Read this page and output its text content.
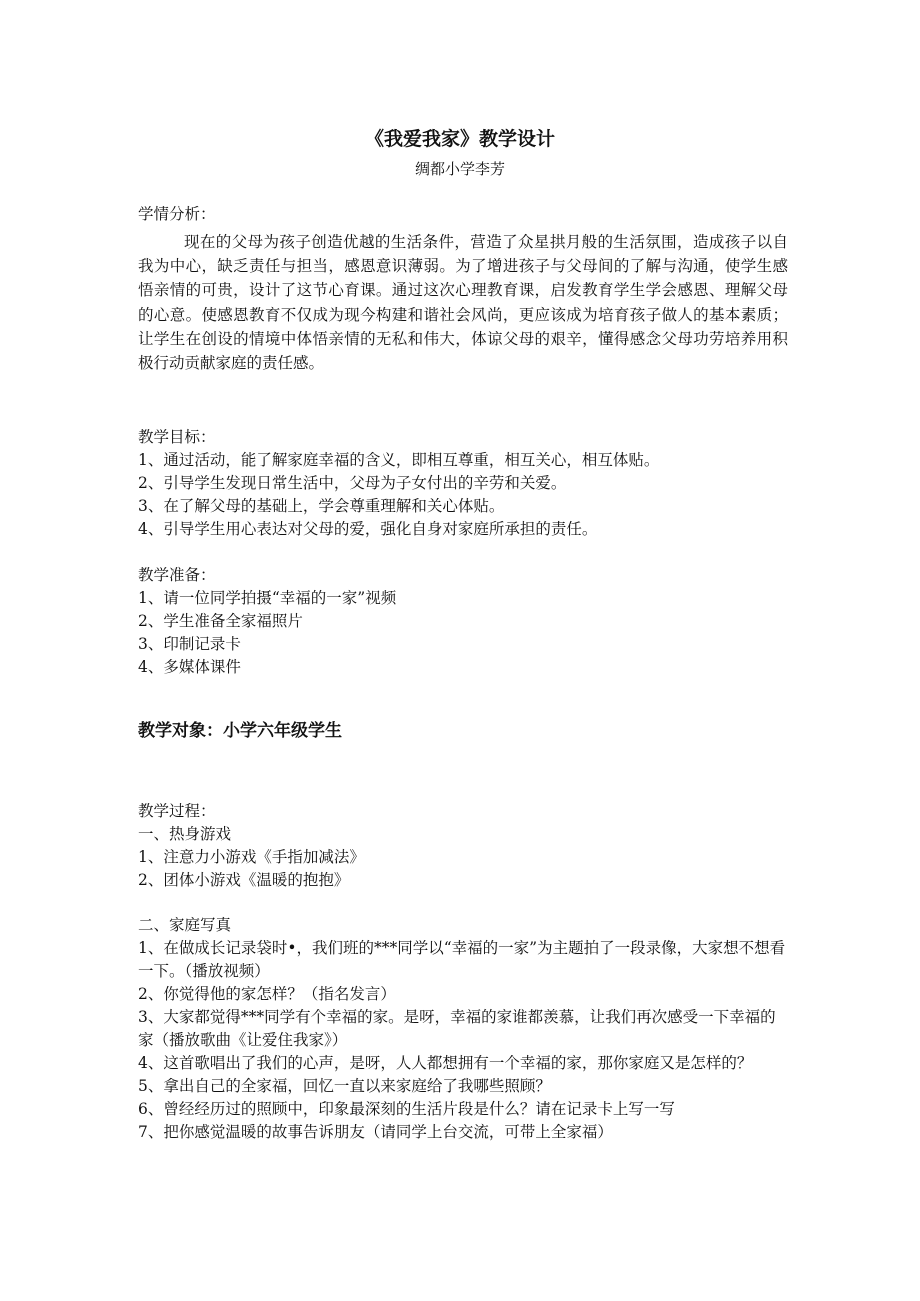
《我爱我家》教学设计
绸都小学李芳
学情分析：

现在的父母为孩子创造优越的生活条件，营造了众星拱月般的生活氛围，造成孩子以自我为中心，缺乏责任与担当，感恩意识薄弱。为了增进孩子与父母间的了解与沟通，使学生感悟亲情的可贵，设计了这节心育课。通过这次心理教育课，启发教育学生学会感恩、理解父母的心意。使感恩教育不仅成为现今构建和谐社会风尚，更应该成为培育孩子做人的基本素质；让学生在创设的情境中体悟亲情的无私和伟大，体谅父母的艰辛，懂得感念父母功劳培养用积极行动贡献家庭的责任感。

教学目标：
1、通过活动，能了解家庭幸福的含义，即相互尊重，相互关心，相互体贴。
2、引导学生发现日常生活中，父母为子女付出的辛劳和关爱。
3、在了解父母的基础上，学会尊重理解和关心体贴。
4、引导学生用心表达对父母的爱，强化自身对家庭所承担的责任。
教学准备：
1、请一位同学拍摄“幸福的一家”视频
2、学生准备全家福照片
3、印制记录卡
4、多媒体课件
教学对象：小学六年级学生
教学过程：
一、热身游戏
1、注意力小游戏《手指加减法》
2、团体小游戏《温暖的抱抱》
二、家庭写真
1、在做成长记录袋时•，我们班的***同学以“幸福的一家”为主题拍了一段录像，大家想不想看一下。（播放视频）
2、你觉得他的家怎样？（指名发言）
3、大家都觉得***同学有个幸福的家。是呀，幸福的家谁都羡慕，让我们再次感受一下幸福的家（播放歌曲《让爱住我家》）
4、这首歌唱出了我们的心声，是呀，人人都想拥有一个幸福的家，那你家庭又是怎样的？
5、拿出自己的全家福，回忆一直以来家庭给了我哪些照顾？
6、曾经经历过的照顾中，印象最深刻的生活片段是什么？请在记录卡上写一写
7、把你感觉温暖的故事告诉朋友（请同学上台交流，可带上全家福）
